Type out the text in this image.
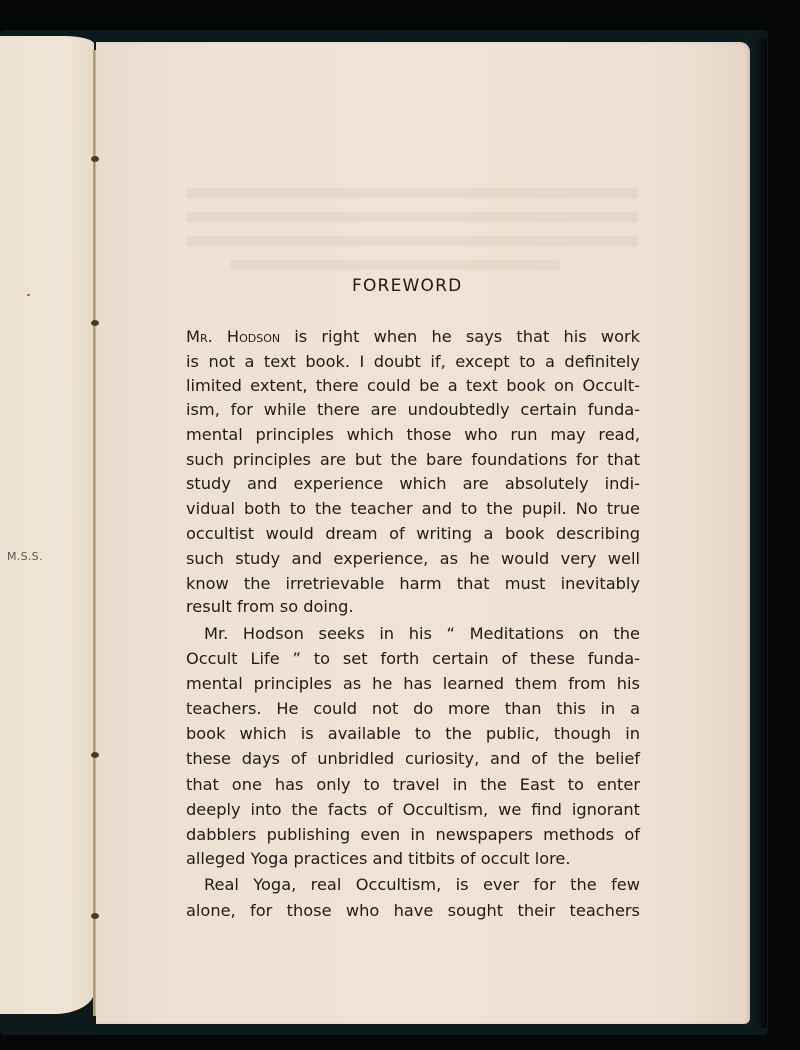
M.S.S.
FOREWORD
Mr. Hodson is right when he says that his work
is not a text book. I doubt if, except to a definitely
limited extent, there could be a text book on Occult-
ism, for while there are undoubtedly certain funda-
mental principles which those who run may read,
such principles are but the bare foundations for that
study and experience which are absolutely indi-
vidual both to the teacher and to the pupil. No true
occultist would dream of writing a book describing
such study and experience, as he would very well
know the irretrievable harm that must inevitably
result from so doing.
Mr. Hodson seeks in his “ Meditations on the
Occult Life ” to set forth certain of these funda-
mental principles as he has learned them from his
teachers. He could not do more than this in a
book which is available to the public, though in
these days of unbridled curiosity, and of the belief
that one has only to travel in the East to enter
deeply into the facts of Occultism, we find ignorant
dabblers publishing even in newspapers methods of
alleged Yoga practices and titbits of occult lore.
Real Yoga, real Occultism, is ever for the few
alone, for those who have sought their teachers
